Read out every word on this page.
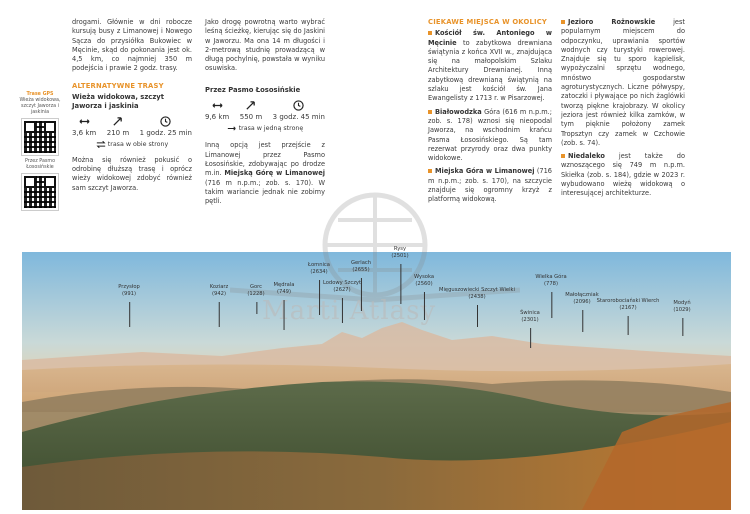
Trase GPS
Wieża widokowa, szczyt Jaworza i jaskinia
Przez Pasmo Łososińskie

drogami. Głównie w dni robocze kursują busy z Limanowej i Nowego Sącza do przysiółka Bukowiec w Męcinie, skąd do pokonania jest ok. 4,5 km, co najmniej 350 m podejścia i prawie 2 godz. trasy.

ALTERNATYWNE TRASY
Wieża widokowa, szczyt Jaworza i jaskinia
3,6 km 210 m 1 godz. 25 min
trasa w obie strony

Można się również pokusić o odrobinę dłuższą trasę i oprócz wieży widokowej zdobyć również sam szczyt Jaworza.

Jako drogę powrotną warto wybrać leśną ścieżkę, kierując się do Jaskini w Jaworzu. Ma ona 14 m długości i 2-metrową studnię prowadzącą w długą pochylnię, powstała w wyniku osuwiska.

Przez Pasmo Łososińskie
9,6 km 550 m 3 godz. 45 min
trasa w jedną stronę

Inną opcją jest przejście z Limanowej przez Pasmo Łososińskie, zdobywając po drodze m.in. Miejską Górę w Limanowej (716 m n.p.m.; zob. s. 170). W takim wariancie jednak nie zobimy pętli.

CIEKAWE MIEJSCA W OKOLICY

Kościół św. Antoniego w Męcinie to zabytkowa drewniana świątynia z końca XVII w., znajdująca się na małopolskim Szlaku Architektury Drewnianej. Inną zabytkową drewnianą świątynią na szlaku jest kościół św. Jana Ewangelisty z 1713 r. w Pisarzowej.

Białowodzka Góra (616 m n.p.m.; zob. s. 178) wznosi się nieopodal Jaworza, na wschodnim krańcu Pasma Łososińskiego. Są tam rezerwat przyrody oraz dwa punkty widokowe.

Miejska Góra w Limanowej (716 m n.p.m.; zob. s. 170), na szczycie znajduje się ogromny krzyż z platformą widokową.

Jezioro Rożnowskie	jest popularnym miejscem do odpoczynku, uprawiania sportów wodnych czy turystyki rowerowej. Znajduje się tu sporo kąpielisk, wypożyczalni sprzętu wodnego, mnóstwo gospodarstw agroturystycznych. Liczne półwyspy, zatoczki i pływające po nich żaglówki tworzą piękne krajobrazy. W okolicy jeziora jest również kilka zamków, w tym pięknie położony zamek Tropsztyn czy zamek w Czchowie (zob. s. 74).

Niedaleko jest także do wznoszącego się 749 m n.p.m. Skiełka (zob. s. 184), gdzie w 2023 r. wybudowano wieżę widokową o interesującej architekturze.

Marti Atlasy
Przysłop
(991)
Koziarz
(942)
Mędrala
(749)
Łomnica
(2634)
Lodowy Szczyt
(2627)
Gerlach
(2655)
Rysy
(2501)
Wysoka
(2560)
Mięguszowiecki Szczyt Wielki
(2438)
Świnica
(2301)
Wielka Góra
(778)
Małołączniak
(2096)	Starorobociański Wierch
(2167)
Modyń
(1029)
Gorc
(1228)
